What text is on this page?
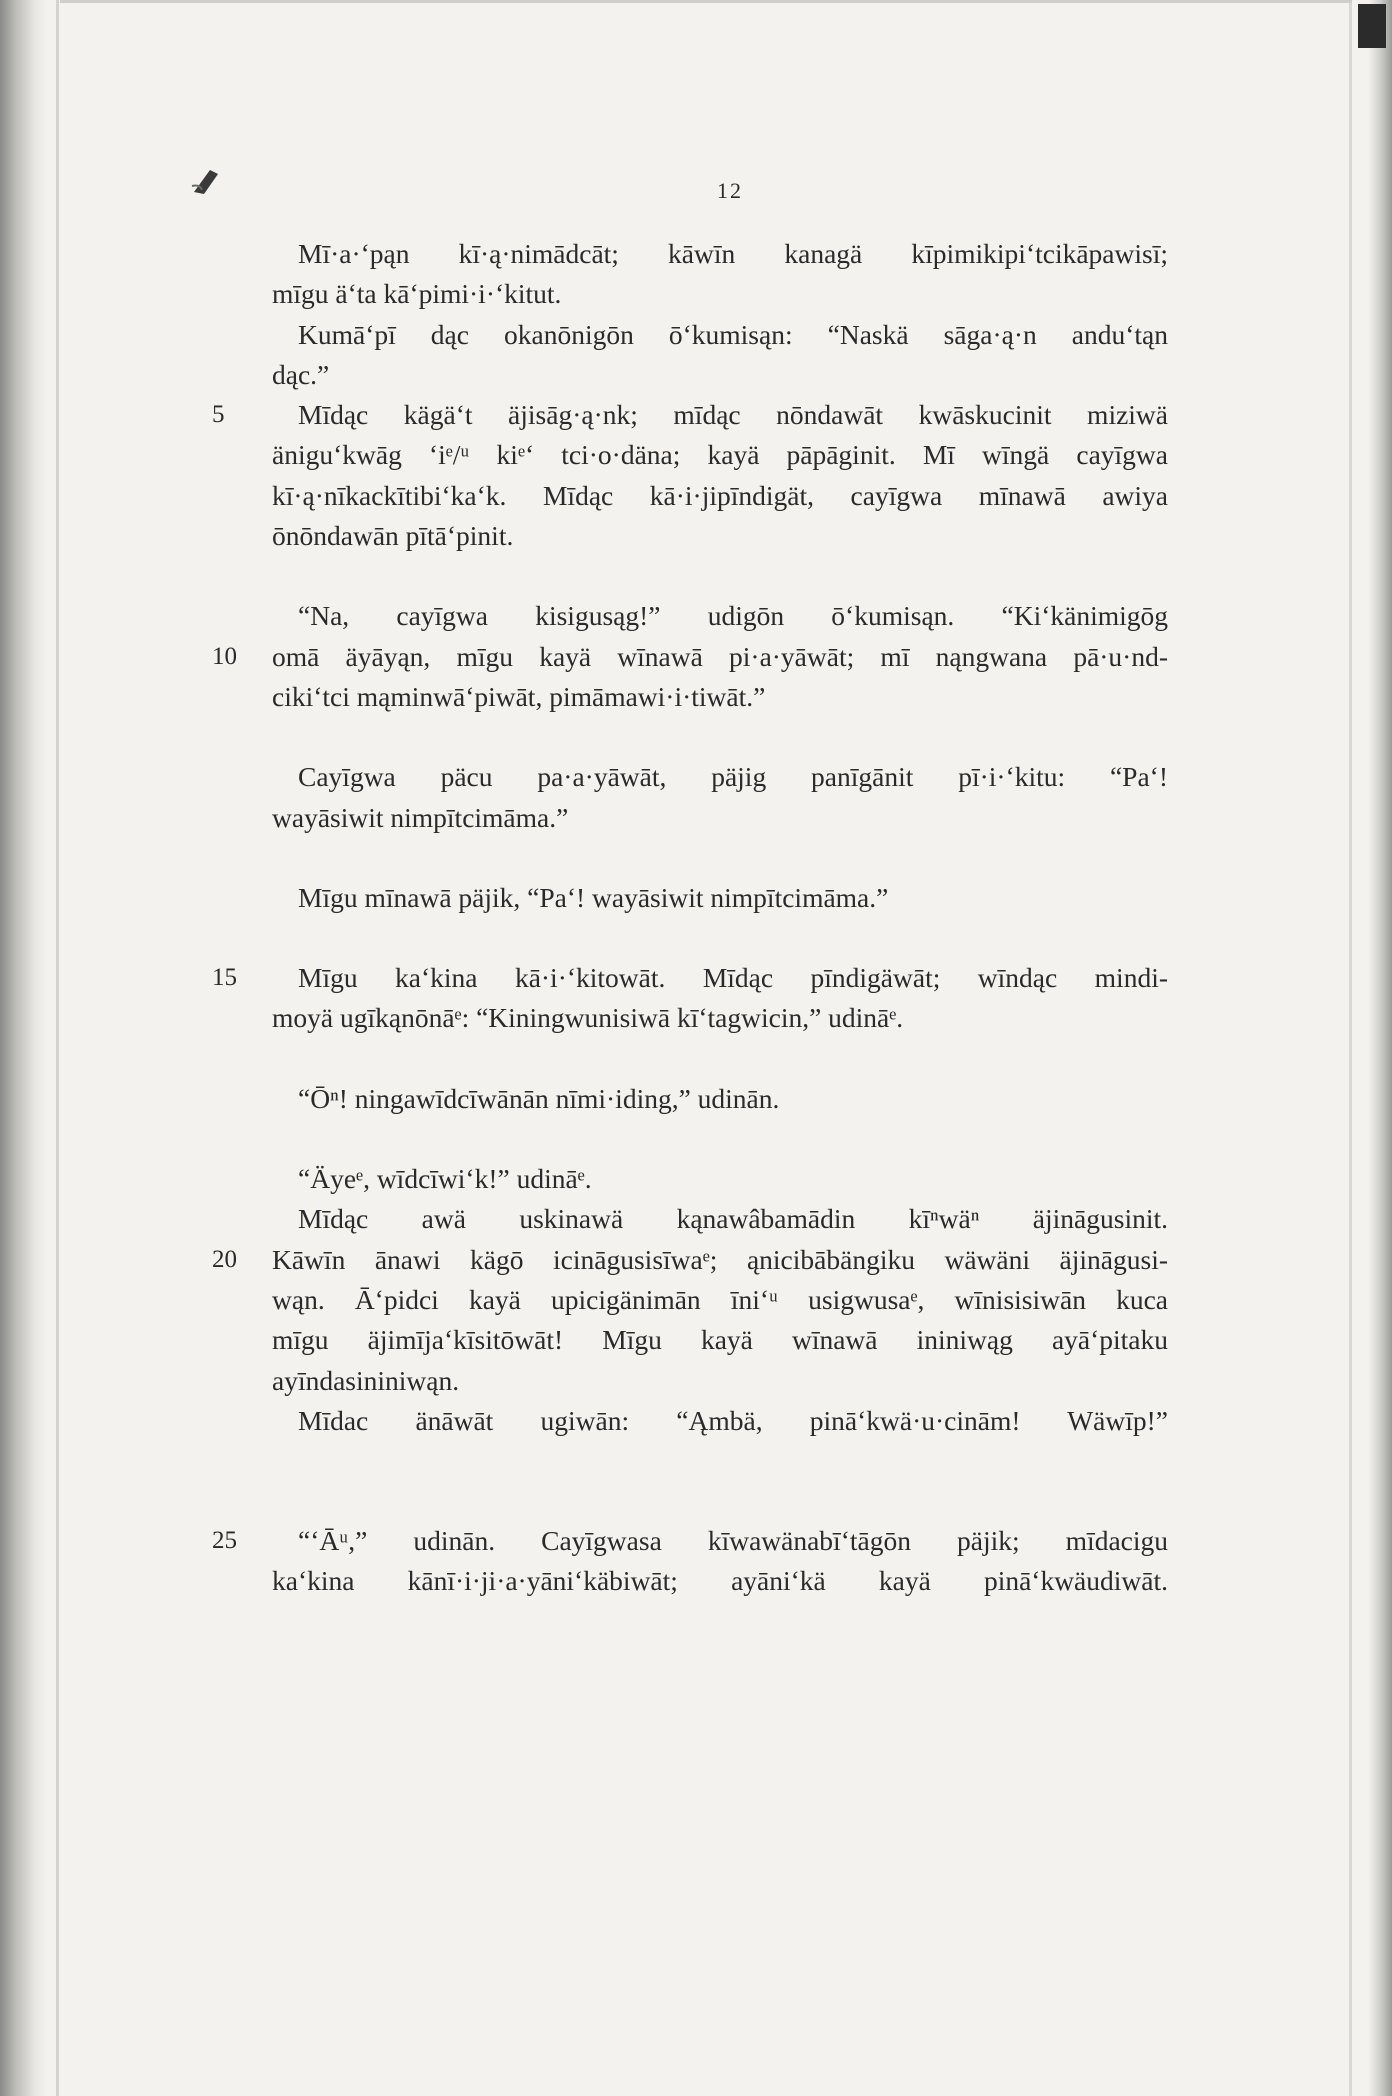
12
Mī·a·ʻpąn kī·ą·nimādcāt; kāwīn kanagä kīpimikipiʻtcikāpawisī;
mīgu äʻta kāʻpimi·i·ʻkitut.
Kumāʻpī dąc okanōnigōn ōʻkumisąn: “Naskä sāga·ą·n anduʻtąn
dąc.”
5	Mīdąc kägäʻt äjisāg·ą·nk; mīdąc nōndawāt kwāskucinit miziwä
änigu‘kwāg ‘iᵉ/ᵘ kiᵉʻ tci·o·däna; kayä pāpāginit. Mī wīngä cayīgwa
kī·ą·nīkackītibiʻkaʻk. Mīdąc kā·i·jipīndigät, cayīgwa mīnawā awiya
ōnōndawān pītāʻpinit.
“Na, cayīgwa kisigusąg!” udigōn ōʻkumisąn. “Kiʻkänimigōg
10	omā äyāyąn, mīgu kayä wīnawā pi·a·yāwāt; mī nąngwana pā·u·nd-
cikiʻtci mąminwāʻpiwāt, pimāmawi·i·tiwāt.”
Cayīgwa päcu pa·a·yāwāt, päjig panīgānit pī·i·ʻkitu: “Paʻ!
wayāsiwit nimpītcimāma.”
Mīgu mīnawā päjik, “Paʻ! wayāsiwit nimpītcimāma.”
15	Mīgu kaʻkina kā·i·ʻkitowāt. Mīdąc pīndigäwāt; wīndąc mindi-
moyä ugīkąnōnāᵉ: “Kiningwunisiwā kīʻtagwicin,” udināᵉ.
“Ōⁿ! ningawīdcīwānān nīmi·iding,” udinān.
“Äyeᵉ, wīdcīwiʻk!” udināᵉ.
Mīdąc awä uskinawä kąnawâbamādin kīⁿwäⁿ äjināgusinit.
20	Kāwīn ānawi kägō icināgusisīwaᵉ; ąnicibābängiku wäwäni äjināgusi-
wąn. Āʻpidci kayä upicigänimān īniʻᵘ usigwusaᵉ, wīnisisiwān kuca
mīgu äjimījaʻkīsitōwāt! Mīgu kayä wīnawā ininiwąg ayāʻpitaku
ayīndasininiwąn.
Mīdac änāwāt ugiwān: “Ąmbä, pināʻkwä·u·cinām! Wäwīp!”
25	“ʻĀᵘ,” udinān. Cayīgwasa kīwawänabīʻtāgōn päjik; mīdacigu
kaʻkina kānī·i·ji·a·yāniʻkäbiwāt; ayāniʻkä kayä pināʻkwäudiwāt.
